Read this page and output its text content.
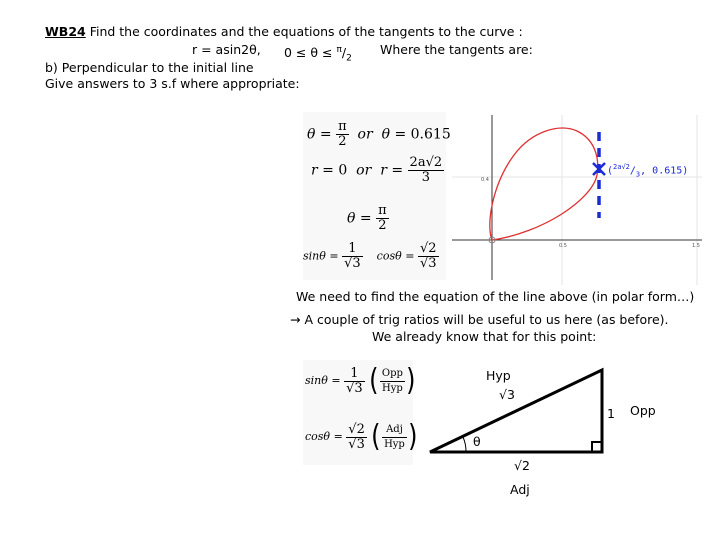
WB24 Find the coordinates and the equations of the tangents to the curve :
r = asin2θ, $0 \le \theta \le ^\pi/_2$
Where the tangents are:
b) Perpendicular to the initial line
Give answers to 3 s.f where appropriate:
$\theta = \frac{\pi}{2}$ or θ = 0.615
r = 0 or $r = \frac{2a√2}{3}$
$\theta = \frac{\pi}{2}$
$\sin\theta = \frac{1}{√3}$ $\cos\theta = \frac{√2}{√3}$
0.4
0.5	1.5
($^{2a√2}/_3$, 0.615)
We need to find the equation of the line above (in polar form…)
→ A couple of trig ratios will be useful to us here (as before).
We already know that for this point:
$\sin\theta = \frac{1}{√3}$ ( $\frac{\text{Opp}}{\text{Hyp}}$ )
$\cos\theta = \frac{√2}{√3}$ ( $\frac{\text{Adj}}{\text{Hyp}}$ )
Hyp
√3
1 Opp
θ
√2
Adj
